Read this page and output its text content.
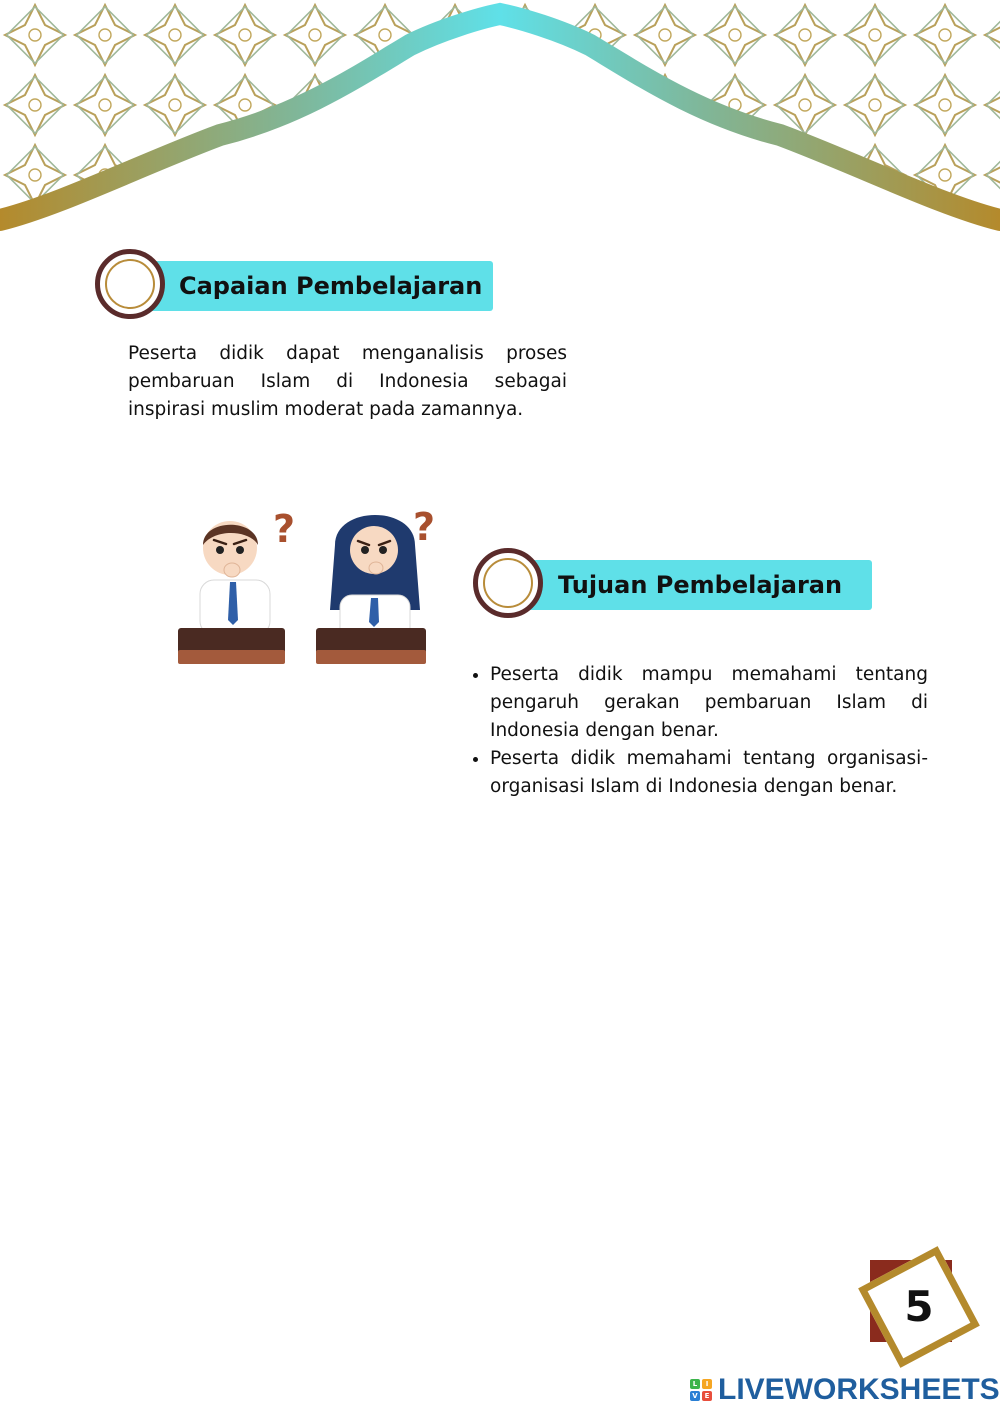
Capaian Pembelajaran

Peserta didik dapat menganalisis proses pembaruan Islam di Indonesia sebagai inspirasi muslim moderat pada zamannya.

?	?
Tujuan Pembelajaran
• Peserta didik mampu memahami tentang pengaruh gerakan pembaruan Islam di Indonesia dengan benar.
• Peserta didik memahami tentang organisasi-organisasi Islam di Indonesia dengan benar.
5
L	I
V E LIVEWORKSHEETS
